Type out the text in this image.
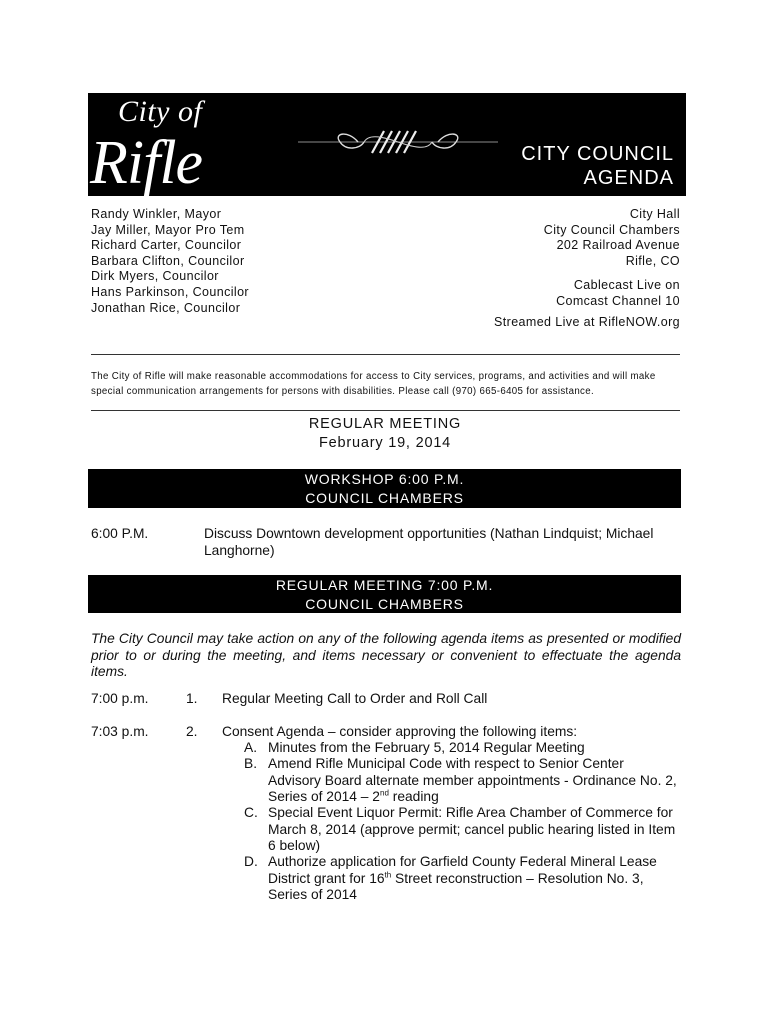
City of
Rifle	CITY COUNCIL
AGENDA
Randy Winkler, Mayor
Jay Miller, Mayor Pro Tem
Richard Carter, Councilor
Barbara Clifton, Councilor
Dirk Myers, Councilor
Hans Parkinson, Councilor
Jonathan Rice, Councilor
City Hall
City Council Chambers
202 Railroad Avenue
Rifle, CO
Cablecast Live on
Comcast Channel 10
Streamed Live at RifleNOW.org
The City of Rifle will make reasonable accommodations for access to City services, programs, and activities and will make special communication arrangements for persons with disabilities. Please call (970) 665-6405 for assistance.
REGULAR MEETING
February 19, 2014
WORKSHOP 6:00 P.M.
COUNCIL CHAMBERS
6:00 P.M.	Discuss Downtown development opportunities (Nathan Lindquist; Michael Langhorne)
REGULAR MEETING 7:00 P.M.
COUNCIL CHAMBERS
The City Council may take action on any of the following agenda items as presented or modified prior to or during the meeting, and items necessary or convenient to effectuate the agenda items.
7:00 p.m.	1. Regular Meeting Call to Order and Roll Call
7:03 p.m.	2. Consent Agenda – consider approving the following items:
A. Minutes from the February 5, 2014 Regular Meeting
B. Amend Rifle Municipal Code with respect to Senior Center Advisory Board alternate member appointments - Ordinance No. 2, Series of 2014 – 2nd reading
C. Special Event Liquor Permit: Rifle Area Chamber of Commerce for March 8, 2014 (approve permit; cancel public hearing listed in Item 6 below)
D. Authorize application for Garfield County Federal Mineral Lease District grant for 16th Street reconstruction – Resolution No. 3, Series of 2014
